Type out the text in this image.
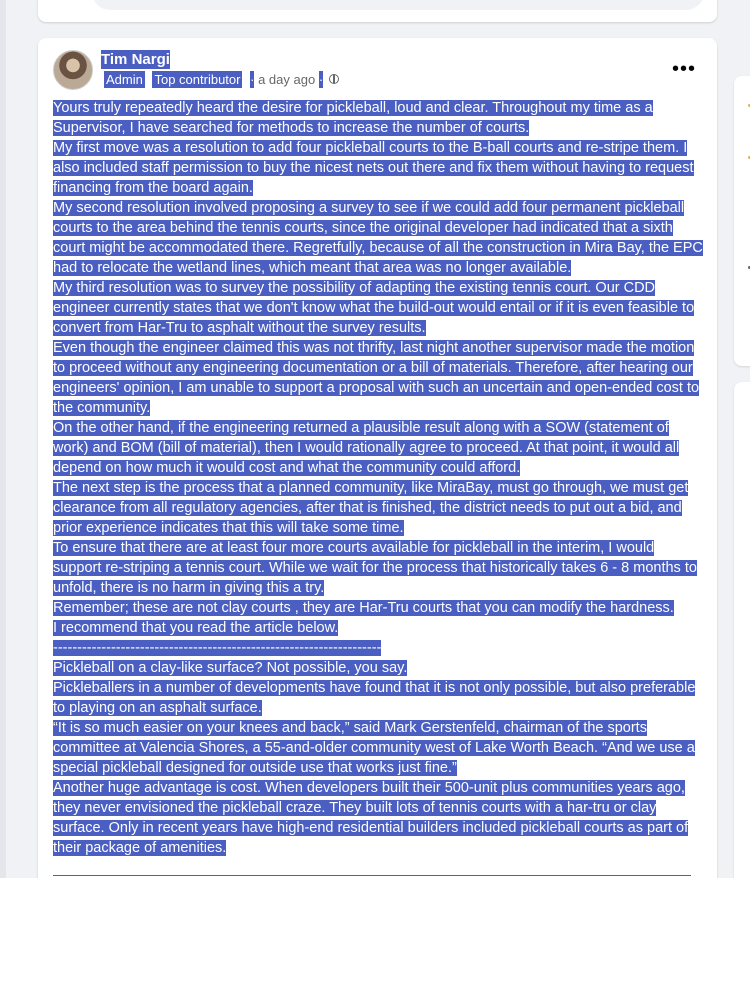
Tim Nargi
Admin Top contributor · a day ago ·	•••

Yours truly repeatedly heard the desire for pickleball, loud and clear. Throughout my time as a Supervisor, I have searched for methods to increase the number of courts.

My first move was a resolution to add four pickleball courts to the B-ball courts and re-stripe them. I also included staff permission to buy the nicest nets out there and fix them without having to request financing from the board again.

My second resolution involved proposing a survey to see if we could add four permanent pickleball courts to the area behind the tennis courts, since the original developer had indicated that a sixth court might be accommodated there. Regretfully, because of all the construction in Mira Bay, the EPC had to relocate the wetland lines, which meant that area was no longer available.

My third resolution was to survey the possibility of adapting the existing tennis court. Our CDD engineer currently states that we don't know what the build-out would entail or if it is even feasible to convert from Har-Tru to asphalt without the survey results.

Even though the engineer claimed this was not thrifty, last night another supervisor made the motion to proceed without any engineering documentation or a bill of materials. Therefore, after hearing our engineers' opinion, I am unable to support a proposal with such an uncertain and open-ended cost to the community.

On the other hand, if the engineering returned a plausible result along with a SOW (statement of work) and BOM (bill of material), then I would rationally agree to proceed. At that point, it would all depend on how much it would cost and what the community could afford.

The next step is the process that a planned community, like MiraBay, must go through, we must get clearance from all regulatory agencies, after that is finished, the district needs to put out a bid, and prior experience indicates that this will take some time.

To ensure that there are at least four more courts available for pickleball in the interim, I would support re-striping a tennis court. While we wait for the process that historically takes 6 - 8 months to unfold, there is no harm in giving this a try.

Remember; these are not clay courts , they are Har-Tru courts that you can modify the hardness.

I recommend that you read the article below.

--------------------------------------------------------------------

Pickleball on a clay-like surface? Not possible, you say.

Pickleballers in a number of developments have found that it is not only possible, but also preferable to playing on an asphalt surface.

“It is so much easier on your knees and back,” said Mark Gerstenfeld, chairman of the sports committee at Valencia Shores, a 55-and-older community west of Lake Worth Beach. “And we use a special pickleball designed for outside use that works just fine.”

Another huge advantage is cost. When developers built their 500-unit plus communities years ago, they never envisioned the pickleball craze. They built lots of tennis courts with a har-tru or clay surface. Only in recent years have high-end residential builders included pickleball courts as part of their package of amenities.
